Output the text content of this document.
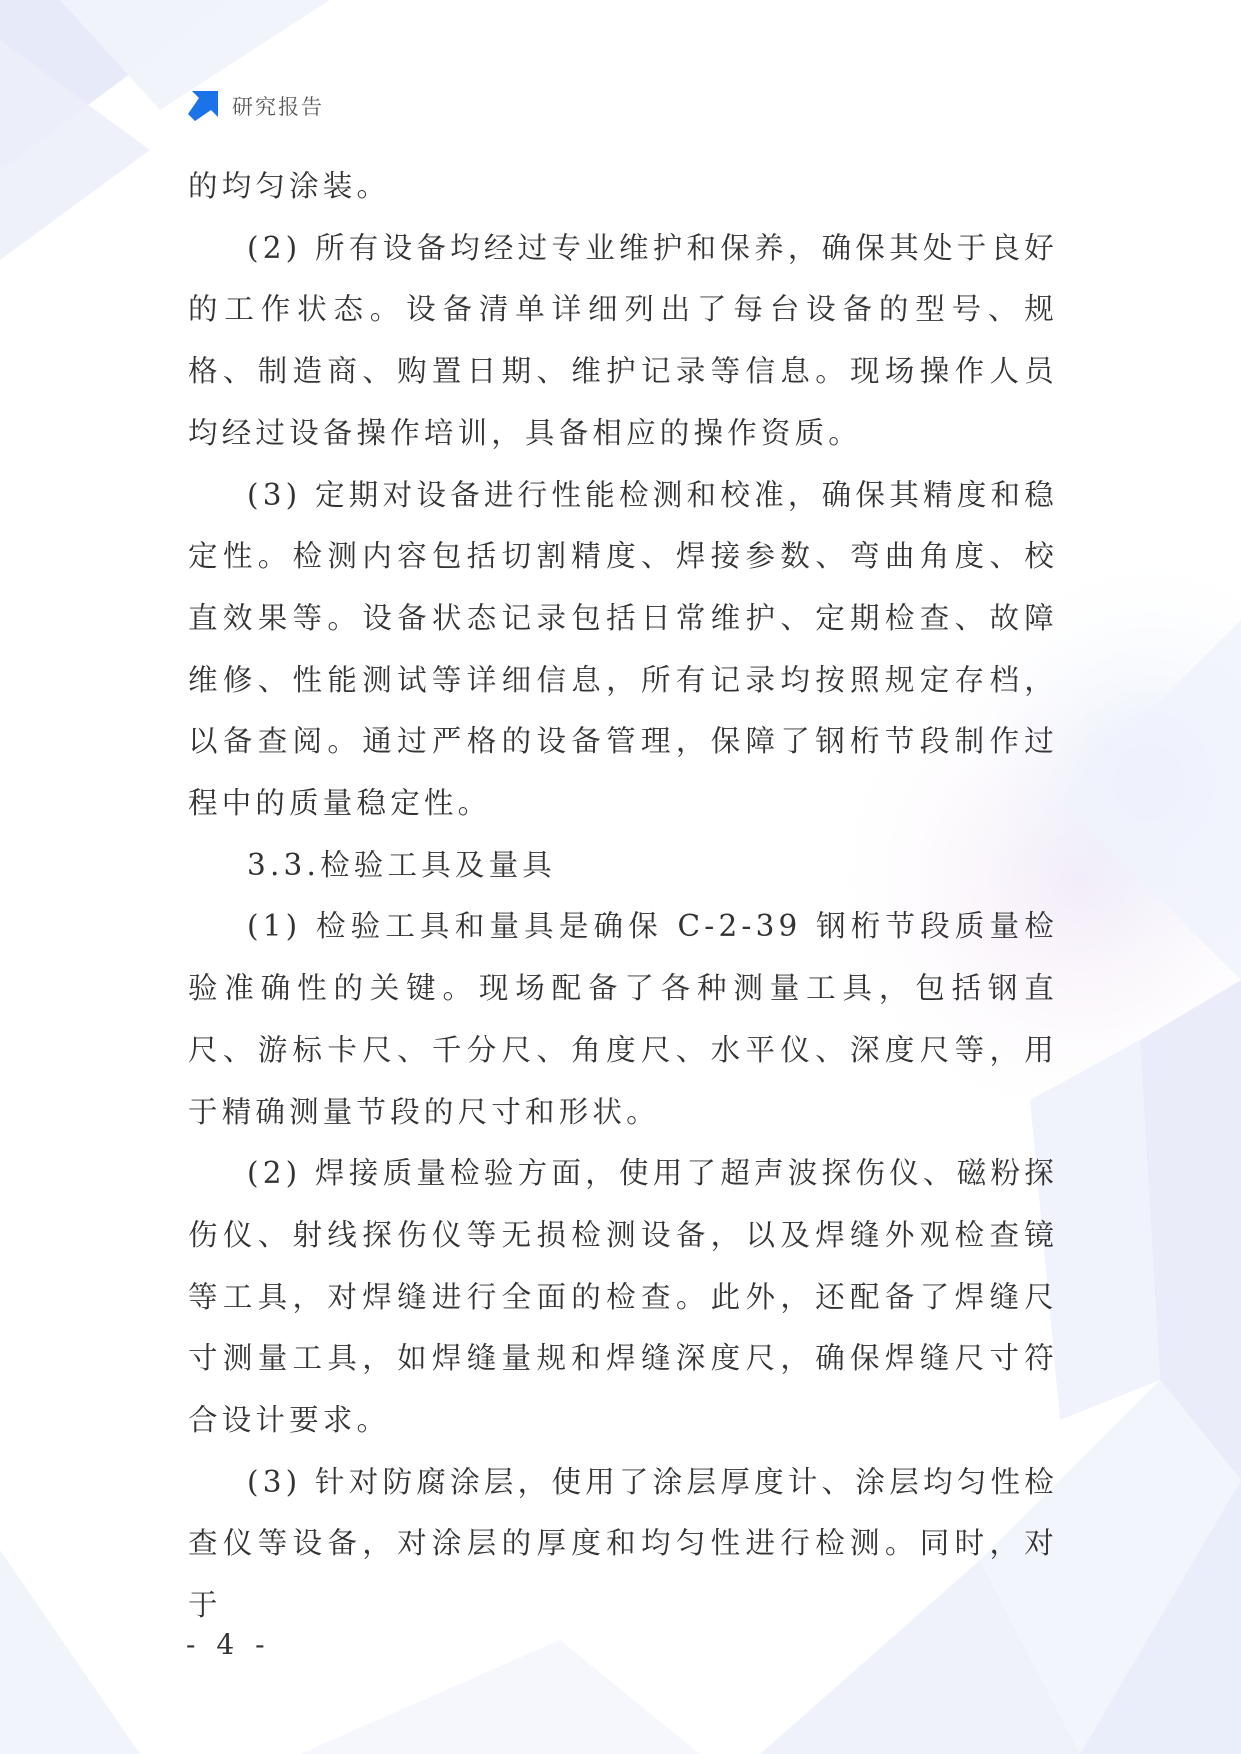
研究报告

的均匀涂装。

(2) 所有设备均经过专业维护和保养，确保其处于良好的工作状态。设备清单详细列出了每台设备的型号、规格、制造商、购置日期、维护记录等信息。现场操作人员均经过设备操作培训，具备相应的操作资质。

(3) 定期对设备进行性能检测和校准，确保其精度和稳定性。检测内容包括切割精度、焊接参数、弯曲角度、校直效果等。设备状态记录包括日常维护、定期检查、故障维修、性能测试等详细信息，所有记录均按照规定存档，以备查阅。通过严格的设备管理，保障了钢桁节段制作过程中的质量稳定性。

3.3.检验工具及量具

(1) 检验工具和量具是确保 C-2-39 钢桁节段质量检验准确性的关键。现场配备了各种测量工具，包括钢直尺、游标卡尺、千分尺、角度尺、水平仪、深度尺等，用于精确测量节段的尺寸和形状。

(2) 焊接质量检验方面，使用了超声波探伤仪、磁粉探伤仪、射线探伤仪等无损检测设备，以及焊缝外观检查镜等工具，对焊缝进行全面的检查。此外，还配备了焊缝尺寸测量工具，如焊缝量规和焊缝深度尺，确保焊缝尺寸符合设计要求。

(3) 针对防腐涂层，使用了涂层厚度计、涂层均匀性检查仪等设备，对涂层的厚度和均匀性进行检测。同时，对于

- 4 -
